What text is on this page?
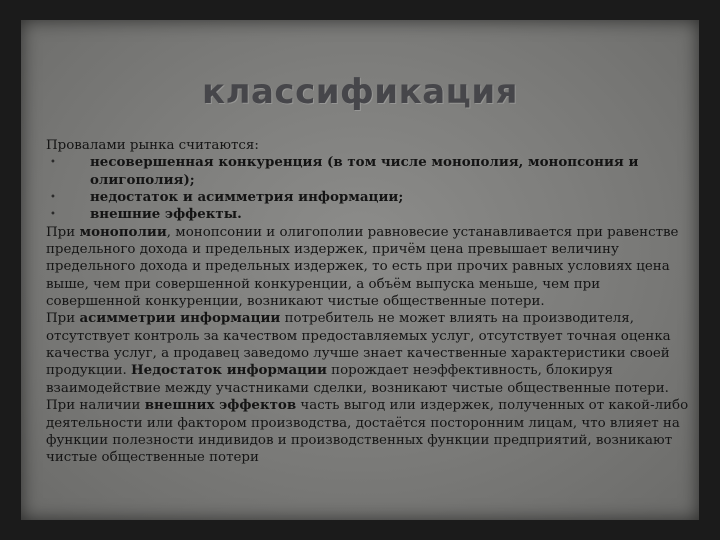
классификация

Провалами рынка считаются:

•	несовершенная конкуренция (в том числе монополия, монопсония и олигополия);

•	недостаток и асимметрия информации;

•	внешние эффекты.

При монополии, монопсонии и олигополии равновесие устанавливается при равенстве предельного дохода и предельных издержек, причём цена превышает величину предельного дохода и предельных издержек, то есть при прочих равных условиях цена выше, чем при совершенной конкуренции, а объём выпуска меньше, чем при совершенной конкуренции, возникают чистые общественные потери.

При асимметрии информации потребитель не может влиять на производителя, отсутствует контроль за качеством предоставляемых услуг, отсутствует точная оценка качества услуг, а продавец заведомо лучше знает качественные характеристики своей продукции. Недостаток информации порождает неэффективность, блокируя взаимодействие между участниками сделки, возникают чистые общественные потери.

При наличии внешних эффектов часть выгод или издержек, полученных от какой-либо деятельности или фактором производства, достаётся посторонним лицам, что влияет на функции полезности индивидов и производственных функции предприятий, возникают чистые общественные потери
